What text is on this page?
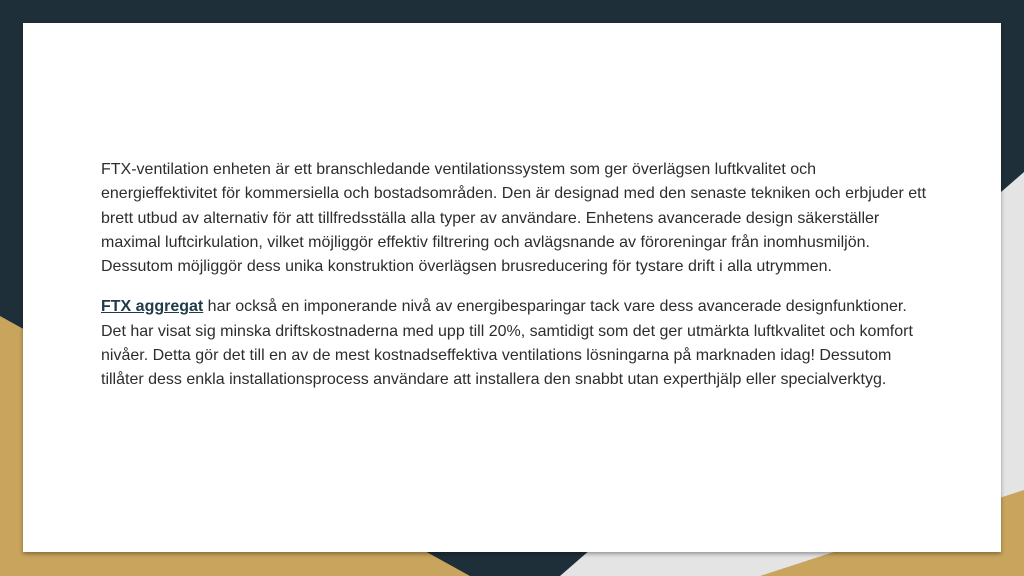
FTX-ventilation enheten är ett branschledande ventilationssystem som ger överlägsen luftkvalitet och energieffektivitet för kommersiella och bostadsområden. Den är designad med den senaste tekniken och erbjuder ett brett utbud av alternativ för att tillfredsställa alla typer av användare. Enhetens avancerade design säkerställer maximal luftcirkulation, vilket möjliggör effektiv filtrering och avlägsnande av föroreningar från inomhusmiljön. Dessutom möjliggör dess unika konstruktion överlägsen brusreducering för tystare drift i alla utrymmen.

FTX aggregat har också en imponerande nivå av energibesparingar tack vare dess avancerade designfunktioner. Det har visat sig minska driftskostnaderna med upp till 20%, samtidigt som det ger utmärkta luftkvalitet och komfort nivåer. Detta gör det till en av de mest kostnadseffektiva ventilations lösningarna på marknaden idag! Dessutom tillåter dess enkla installationsprocess användare att installera den snabbt utan experthjälp eller specialverktyg.
